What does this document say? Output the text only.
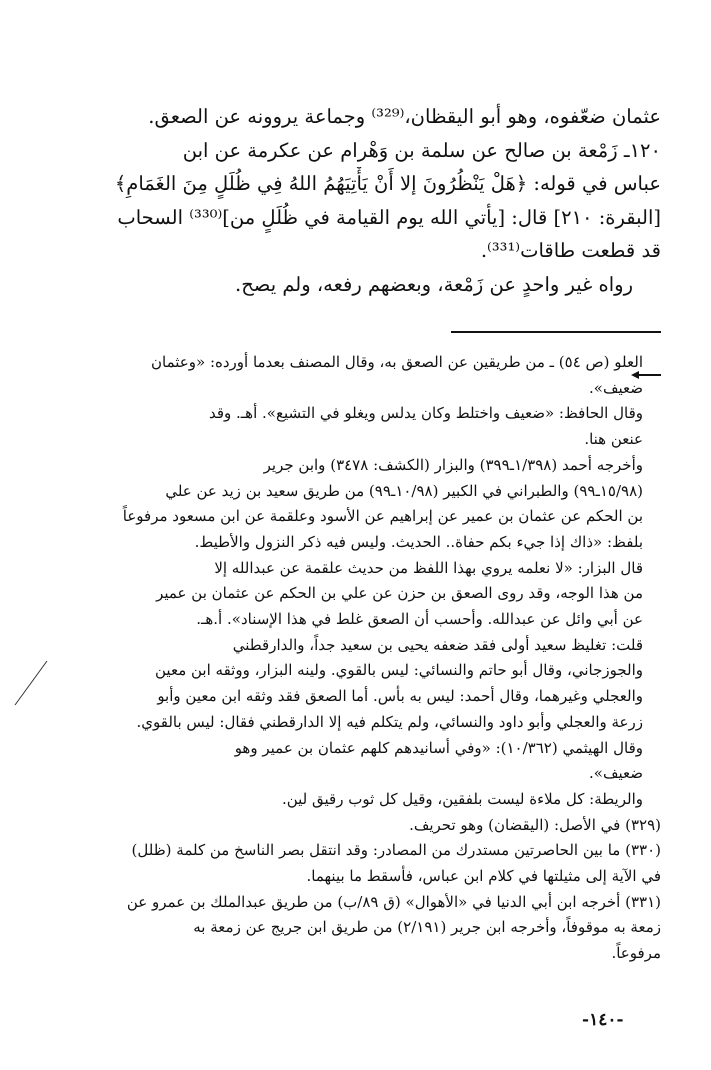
عثمان ضعّفوه، وهو أبو اليقظان،⁽³²⁹⁾ وجماعة يروونه عن الصعق.
١٢٠ـ زَمْعة بن صالح عن سلمة بن وَهْرام عن عكرمة عن ابن
عباس في قوله: ﴿هَلْ يَنْظُرُونَ إلا أَنْ يَأْتِيَهُمُ اللهُ فِي ظُلَلٍ مِنَ الغَمَامِ﴾
[البقرة: ٢١٠] قال: [يأتي الله يوم القيامة في ظُلَلٍ من]⁽³³⁰⁾ السحاب
قد قطعت طاقات⁽³³¹⁾.
رواه غير واحدٍ عن زَمْعة، وبعضهم رفعه، ولم يصح.
العلو (ص ٥٤) ـ من طريقين عن الصعق به، وقال المصنف بعدما أورده: «وعثمان
ضعيف».
وقال الحافظ: «ضعيف واختلط وكان يدلس ويغلو في التشيع». أهـ. وقد
عنعن هنا.
وأخرجه أحمد (١/٣٩٨ـ٣٩٩) والبزار (الكشف: ٣٤٧٨) وابن جرير
(١٥/٩٨ـ٩٩) والطبراني في الكبير (١٠/٩٨ـ٩٩) من طريق سعيد بن زيد عن علي
بن الحكم عن عثمان بن عمير عن إبراهيم عن الأسود وعلقمة عن ابن مسعود مرفوعاً
بلفظ: «ذاك إذا جيء بكم حفاة.. الحديث. وليس فيه ذكر النزول والأطيط.
قال البزار: «لا نعلمه يروي بهذا اللفظ من حديث علقمة عن عبدالله إلا
من هذا الوجه، وقد روى الصعق بن حزن عن علي بن الحكم عن عثمان بن عمير
عن أبي وائل عن عبدالله. وأحسب أن الصعق غلط في هذا الإسناد». أ.هـ.
قلت: تغليظ سعيد أولى فقد ضعفه يحيى بن سعيد جداً، والدارقطني
والجوزجاني، وقال أبو حاتم والنسائي: ليس بالقوي. ولينه البزار، ووثقه ابن معين
والعجلي وغيرهما، وقال أحمد: ليس به بأس. أما الصعق فقد وثقه ابن معين وأبو
زرعة والعجلي وأبو داود والنسائي، ولم يتكلم فيه إلا الدارقطني فقال: ليس بالقوي.
وقال الهيثمي (١٠/٣٦٢): «وفي أسانيدهم كلهم عثمان بن عمير وهو
ضعيف».
والريطة: كل ملاءة ليست بلفقين، وقيل كل ثوب رقيق لين.
(٣٢٩) في الأصل: (اليقضان) وهو تحريف.
(٣٣٠) ما بين الحاصرتين مستدرك من المصادر: وقد انتقل بصر الناسخ من كلمة (ظلل)
في الآية إلى مثيلتها في كلام ابن عباس، فأسقط ما بينهما.
(٣٣١) أخرجه ابن أبي الدنيا في «الأهوال» (ق ٨٩/ب) من طريق عبدالملك بن عمرو عن
زمعة به موقوفاً، وأخرجه ابن جرير (٢/١٩١) من طريق ابن جريج عن زمعة به
مرفوعاً.
-١٤٠-
